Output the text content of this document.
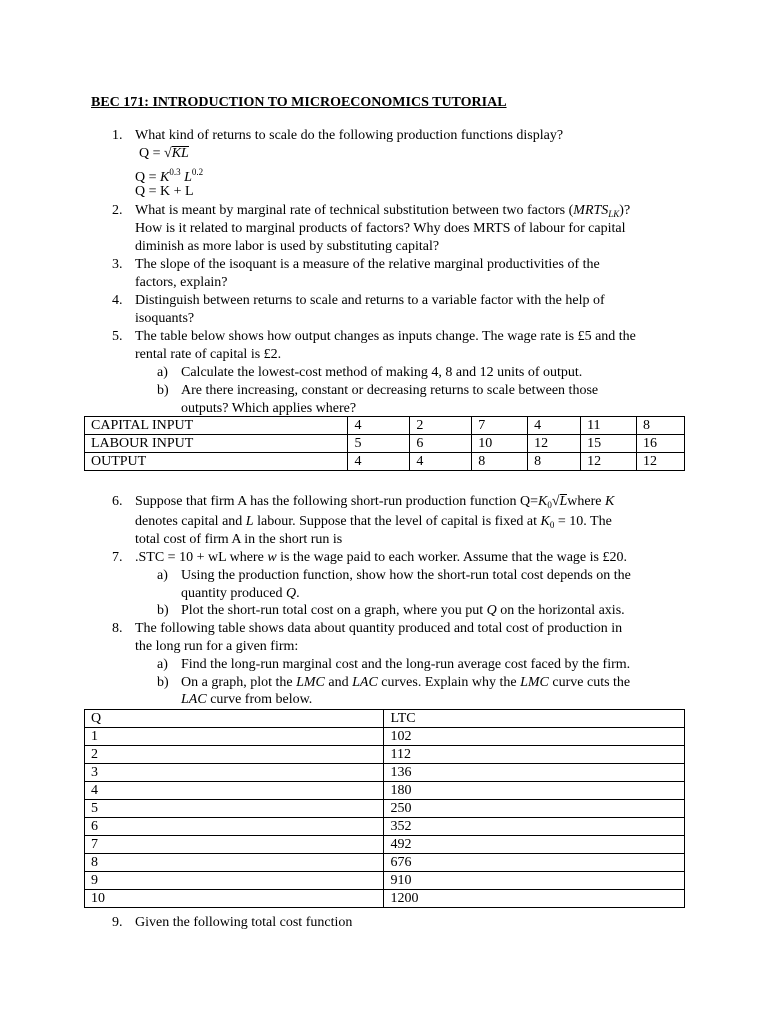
BEC 171: INTRODUCTION TO MICROECONOMICS TUTORIAL
1. What kind of returns to scale do the following production functions display?
Q = √KL
$Q = K^{0.3}$ $L^{0.2}$
Q = K + L
2. What is meant by marginal rate of technical substitution between two factors $(MRTS_{LK})$?
How is it related to marginal products of factors? Why does MRTS of labour for capital
diminish as more labor is used by substituting capital?
3. The slope of the isoquant is a measure of the relative marginal productivities of the
factors, explain?
4. Distinguish between returns to scale and returns to a variable factor with the help of
isoquants?
5. The table below shows how output changes as inputs change. The wage rate is £5 and the
rental rate of capital is £2.
a) Calculate the lowest-cost method of making 4, 8 and 12 units of output.
b) Are there increasing, constant or decreasing returns to scale between those
outputs? Which applies where?
CAPITAL INPUT	4	2	7	4	11	8
LABOUR INPUT	5	6	10	12	15	16
OUTPUT	4	4	8	8	12	12
6. Suppose that firm A has the following short-run production function $Q=K_0√Lwhere$ K
denotes capital and L labour. Suppose that the level of capital is fixed at $K_0 = 10$. The
total cost of firm A in the short run is
7. .STC = 10 + wL where w is the wage paid to each worker. Assume that the wage is £20.
a) Using the production function, show how the short-run total cost depends on the
quantity produced Q.
b) Plot the short-run total cost on a graph, where you put Q on the horizontal axis.
8. The following table shows data about quantity produced and total cost of production in
the long run for a given firm:
a) Find the long-run marginal cost and the long-run average cost faced by the firm.
b) On a graph, plot the LMC and LAC curves. Explain why the LMC curve cuts the
LAC curve from below.
Q	LTC
1	102
2	112
3	136
4	180
5	250
6	352
7	492
8	676
9	910
10	1200
9. Given the following total cost function
